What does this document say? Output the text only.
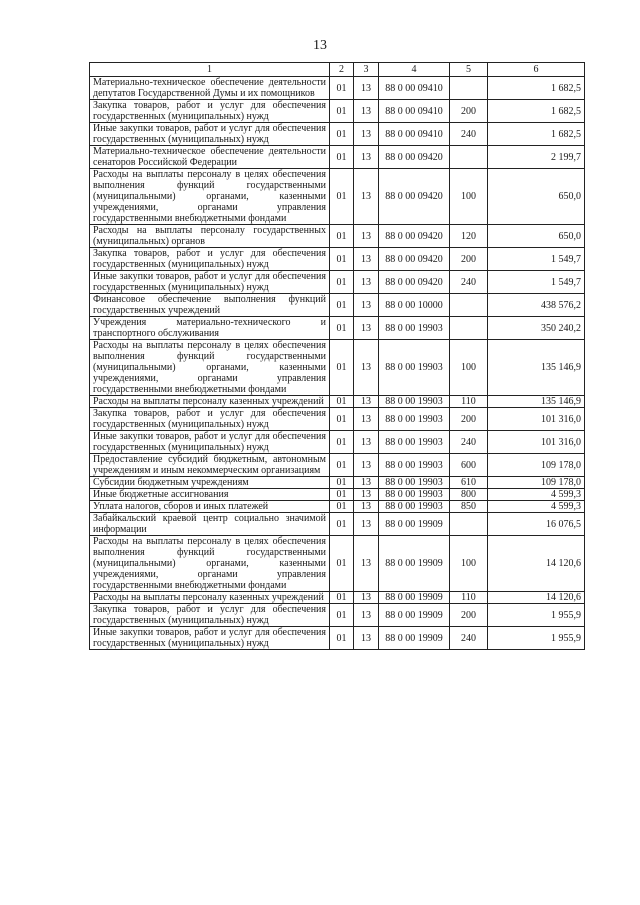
13
1	2	3	4	5	6
Материально-техническое обеспечение деятельности депутатов Государственной Думы и их помощников	01	13	88 0 00 09410		1 682,5
Закупка товаров, работ и услуг для обеспечения государственных (муниципальных) нужд	01	13	88 0 00 09410	200	1 682,5
Иные закупки товаров, работ и услуг для обеспечения государственных (муниципальных) нужд	01	13	88 0 00 09410	240	1 682,5
Материально-техническое обеспечение деятельности сенаторов Российской Федерации	01	13	88 0 00 09420		2 199,7
Расходы на выплаты персоналу в целях обеспечения выполнения функций государственными (муниципальными) органами, казенными учреждениями, органами управления государственными внебюджетными фондами	01	13	88 0 00 09420	100	650,0
Расходы на выплаты персоналу государственных (муниципальных) органов	01	13	88 0 00 09420	120	650,0
Закупка товаров, работ и услуг для обеспечения государственных (муниципальных) нужд	01	13	88 0 00 09420	200	1 549,7
Иные закупки товаров, работ и услуг для обеспечения государственных (муниципальных) нужд	01	13	88 0 00 09420	240	1 549,7
Финансовое обеспечение выполнения функций государственных учреждений	01	13	88 0 00 10000		438 576,2
Учреждения материально-технического и транспортного обслуживания	01	13	88 0 00 19903		350 240,2
Расходы на выплаты персоналу в целях обеспечения выполнения функций государственными (муниципальными) органами, казенными учреждениями, органами управления государственными внебюджетными фондами	01	13	88 0 00 19903	100	135 146,9
Расходы на выплаты персоналу казенных учреждений	01	13	88 0 00 19903	110	135 146,9
Закупка товаров, работ и услуг для обеспечения государственных (муниципальных) нужд	01	13	88 0 00 19903	200	101 316,0
Иные закупки товаров, работ и услуг для обеспечения государственных (муниципальных) нужд	01	13	88 0 00 19903	240	101 316,0
Предоставление субсидий бюджетным, автономным учреждениям и иным некоммерческим организациям	01	13	88 0 00 19903	600	109 178,0
Субсидии бюджетным учреждениям	01	13	88 0 00 19903	610	109 178,0
Иные бюджетные ассигнования	01	13	88 0 00 19903	800	4 599,3
Уплата налогов, сборов и иных платежей	01	13	88 0 00 19903	850	4 599,3
Забайкальский краевой центр социально значимой информации	01	13	88 0 00 19909		16 076,5
Расходы на выплаты персоналу в целях обеспечения выполнения функций государственными (муниципальными) органами, казенными учреждениями, органами управления государственными внебюджетными фондами	01	13	88 0 00 19909	100	14 120,6
Расходы на выплаты персоналу казенных учреждений	01	13	88 0 00 19909	110	14 120,6
Закупка товаров, работ и услуг для обеспечения государственных (муниципальных) нужд	01	13	88 0 00 19909	200	1 955,9
Иные закупки товаров, работ и услуг для обеспечения государственных (муниципальных) нужд	01	13	88 0 00 19909	240	1 955,9
